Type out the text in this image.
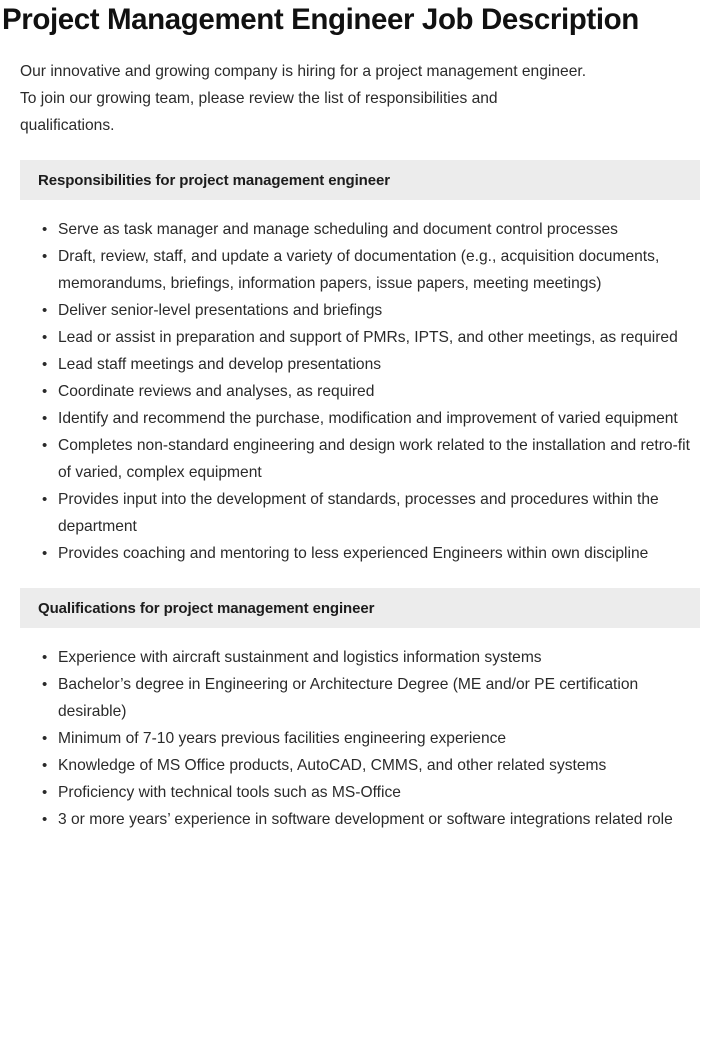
Project Management Engineer Job Description

Our innovative and growing company is hiring for a project management engineer.
To join our growing team, please review the list of responsibilities and
qualifications.

Responsibilities for project management engineer
• Serve as task manager and manage scheduling and document control processes
• Draft, review, staff, and update a variety of documentation (e.g., acquisition documents, memorandums, briefings, information papers, issue papers, meeting meetings)
• Deliver senior-level presentations and briefings
• Lead or assist in preparation and support of PMRs, IPTS, and other meetings, as required
• Lead staff meetings and develop presentations
• Coordinate reviews and analyses, as required
• Identify and recommend the purchase, modification and improvement of varied equipment
• Completes non-standard engineering and design work related to the installation and retro-fit of varied, complex equipment
• Provides input into the development of standards, processes and procedures within the department
• Provides coaching and mentoring to less experienced Engineers within own discipline
Qualifications for project management engineer
• Experience with aircraft sustainment and logistics information systems
• Bachelor’s degree in Engineering or Architecture Degree (ME and/or PE certification desirable)
• Minimum of 7-10 years previous facilities engineering experience
• Knowledge of MS Office products, AutoCAD, CMMS, and other related systems
• Proficiency with technical tools such as MS-Office
• 3 or more years’ experience in software development or software integrations related role
